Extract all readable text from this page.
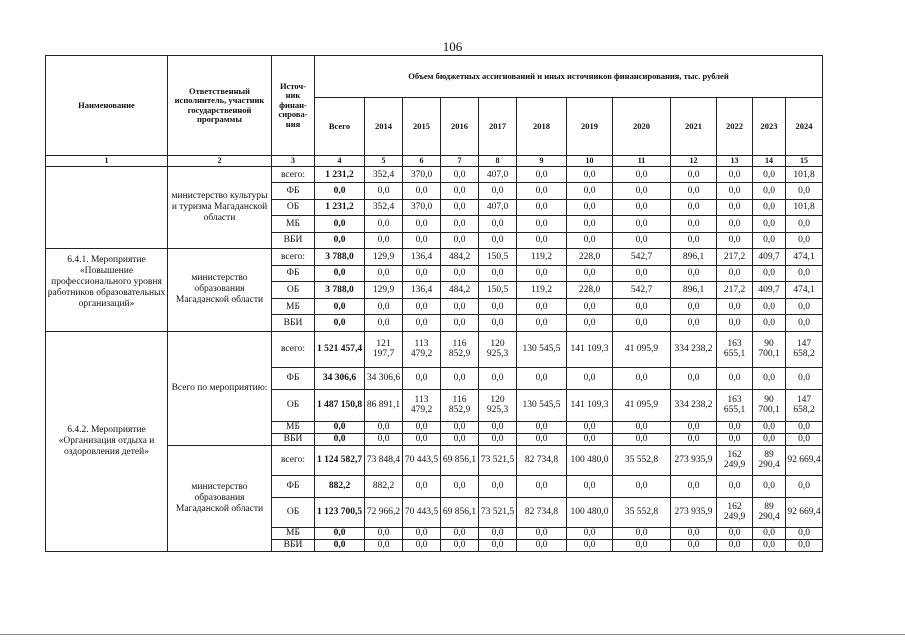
106
Наименование	Ответственный исполнитель, участник государственной программы	Источ-ник финан-сирова-ния	Объем бюджетных ассигнований и иных источников финансирования, тыс. рублей											
			Всего	2014	2015	2016	2017	2018	2019	2020	2021	2022	2023	2024
1	2	3	4	5	6	7	8	9	10	11	12	13	14	15
	министерство культуры и туризма Магаданской области	всего:	1 231,2	352,4	370,0	0,0	407,0	0,0	0,0	0,0	0,0	0,0	0,0	101,8
		ФБ	0,0	0,0	0,0	0,0	0,0	0,0	0,0	0,0	0,0	0,0	0,0	0,0
		ОБ	1 231,2	352,4	370,0	0,0	407,0	0,0	0,0	0,0	0,0	0,0	0,0	101,8
		МБ	0,0	0,0	0,0	0,0	0,0	0,0	0,0	0,0	0,0	0,0	0,0	0,0
		ВБИ	0,0	0,0	0,0	0,0	0,0	0,0	0,0	0,0	0,0	0,0	0,0	0,0
6.4.1. Мероприятие «Повышение профессионального уровня работников образовательных организаций»	министерство образования Магаданской области	всего:	3 788,0	129,9	136,4	484,2	150,5	119,2	228,0	542,7	896,1	217,2	409,7	474,1
		ФБ	0,0	0,0	0,0	0,0	0,0	0,0	0,0	0,0	0,0	0,0	0,0	0,0
		ОБ	3 788,0	129,9	136,4	484,2	150,5	119,2	228,0	542,7	896,1	217,2	409,7	474,1
		МБ	0,0	0,0	0,0	0,0	0,0	0,0	0,0	0,0	0,0	0,0	0,0	0,0
		ВБИ	0,0	0,0	0,0	0,0	0,0	0,0	0,0	0,0	0,0	0,0	0,0	0,0
6.4.2. Мероприятие «Организация отдыха и оздоровления детей»	Всего по мероприятию:	всего:	1 521 457,4	121 197,7	113 479,2	116 852,9	120 925,3	130 545,5	141 109,3	41 095,9	334 238,2	163 655,1	90 700,1	147 658,2
		ФБ	34 306,6	34 306,6	0,0	0,0	0,0	0,0	0,0	0,0	0,0	0,0	0,0	0,0
		ОБ	1 487 150,8	86 891,1	113 479,2	116 852,9	120 925,3	130 545,5	141 109,3	41 095,9	334 238,2	163 655,1	90 700,1	147 658,2
		МБ	0,0	0,0	0,0	0,0	0,0	0,0	0,0	0,0	0,0	0,0	0,0	0,0
		ВБИ	0,0	0,0	0,0	0,0	0,0	0,0	0,0	0,0	0,0	0,0	0,0	0,0
	министерство образования Магаданской области	всего:	1 124 582,7	73 848,4	70 443,5	69 856,1	73 521,5	82 734,8	100 480,0	35 552,8	273 935,9	162 249,9	89 290,4	92 669,4
		ФБ	882,2	882,2	0,0	0,0	0,0	0,0	0,0	0,0	0,0	0,0	0,0	0,0
		ОБ	1 123 700,5	72 966,2	70 443,5	69 856,1	73 521,5	82 734,8	100 480,0	35 552,8	273 935,9	162 249,9	89 290,4	92 669,4
		МБ	0,0	0,0	0,0	0,0	0,0	0,0	0,0	0,0	0,0	0,0	0,0	0,0
		ВБИ	0,0	0,0	0,0	0,0	0,0	0,0	0,0	0,0	0,0	0,0	0,0	0,0
